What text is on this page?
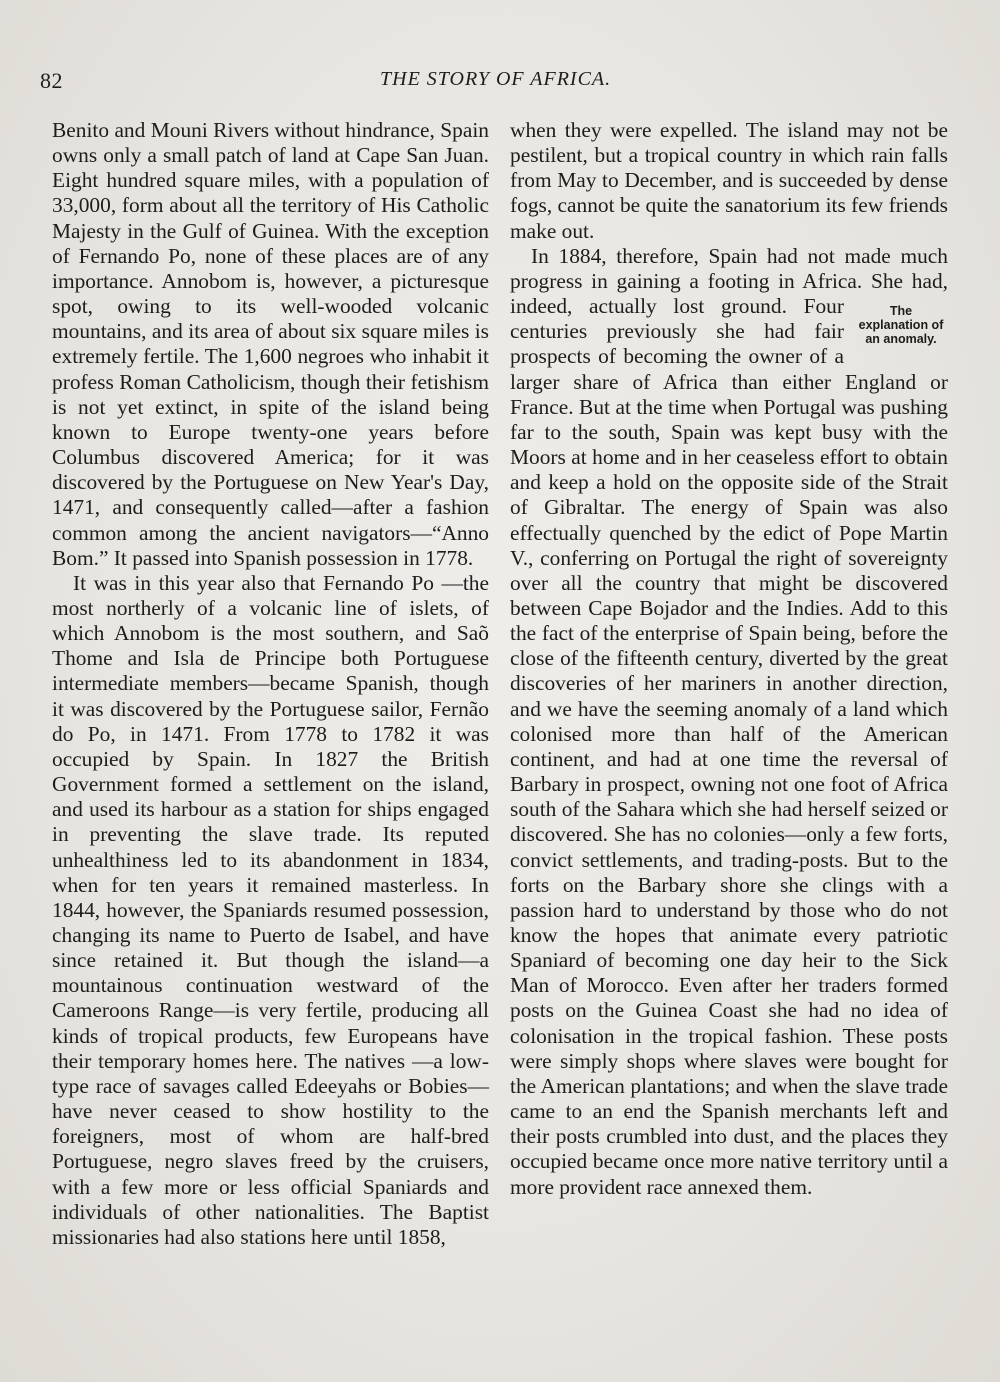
82	THE STORY OF AFRICA.

Benito and Mouni Rivers without hindrance, Spain owns only a small patch of land at Cape San Juan. Eight hundred square miles, with a population of 33,000, form about all the territory of His Catholic Majesty in the Gulf of Guinea. With the exception of Fernando Po, none of these places are of any importance. Annobom is, however, a picturesque spot, owing to its well-wooded volcanic mountains, and its area of about six square miles is extremely fertile. The 1,600 negroes who inhabit it profess Roman Catholicism, though their fetishism is not yet extinct, in spite of the island being known to Europe twenty-one years before Columbus discovered America; for it was discovered by the Portuguese on New Year's Day, 1471, and consequently called—after a fashion common among the ancient navigators—“Anno Bom.” It passed into Spanish possession in 1778.

It was in this year also that Fernando Po —the most northerly of a volcanic line of islets, of which Annobom is the most southern, and Saõ Thome and Isla de Principe both Portuguese intermediate members—became Spanish, though it was discovered by the Portuguese sailor, Fernão do Po, in 1471. From 1778 to 1782 it was occupied by Spain. In 1827 the British Government formed a settlement on the island, and used its harbour as a station for ships engaged in preventing the slave trade. Its reputed unhealthiness led to its abandonment in 1834, when for ten years it remained masterless. In 1844, however, the Spaniards resumed possession, changing its name to Puerto de Isabel, and have since retained it. But though the island—a mountainous continuation westward of the Cameroons Range—is very fertile, producing all kinds of tropical products, few Europeans have their temporary homes here. The natives —a low-type race of savages called Edeeyahs or Bobies—have never ceased to show hostility to the foreigners, most of whom are half-bred Portuguese, negro slaves freed by the cruisers, with a few more or less official Spaniards and individuals of other nationalities. The Baptist missionaries had also stations here until 1858,

when they were expelled. The island may not be pestilent, but a tropical country in which rain falls from May to December, and is succeeded by dense fogs, cannot be quite the sanatorium its few friends make out.

In 1884, therefore, Spain had not made much progress in gaining a footing in Africa. She had, indeed, actually lost	The explanation of an anomaly.
ground. Four centuries previously she had fair prospects of becoming the owner of a larger share of Africa than either England or France. But at the time when Portugal was pushing far to the south, Spain was kept busy with the Moors at home and in her ceaseless effort to obtain and keep a hold on the opposite side of the Strait of Gibraltar. The energy of Spain was also effectually quenched by the edict of Pope Martin V., conferring on Portugal the right of sovereignty over all the country that might be discovered between Cape Bojador and the Indies. Add to this the fact of the enterprise of Spain being, before the close of the fifteenth century, diverted by the great discoveries of her mariners in another direction, and we have the seeming anomaly of a land which colonised more than half of the American continent, and had at one time the reversal of Barbary in prospect, owning not one foot of Africa south of the Sahara which she had herself seized or discovered. She has no colonies—only a few forts, convict settlements, and trading-posts. But to the forts on the Barbary shore she clings with a passion hard to understand by those who do not know the hopes that animate every patriotic Spaniard of becoming one day heir to the Sick Man of Morocco. Even after her traders formed posts on the Guinea Coast she had no idea of colonisation in the tropical fashion. These posts were simply shops where slaves were bought for the American plantations; and when the slave trade came to an end the Spanish merchants left and their posts crumbled into dust, and the places they occupied became once more native territory until a more provident race annexed them.
